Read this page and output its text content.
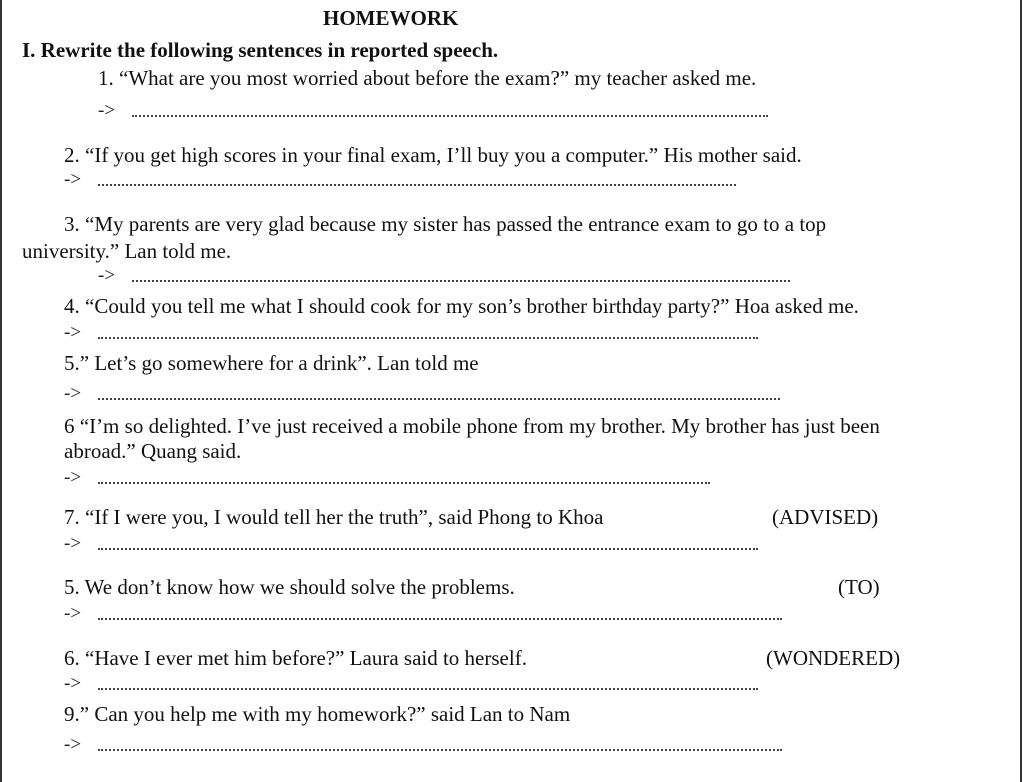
HOMEWORK
I. Rewrite the following sentences in reported speech.
1. “What are you most worried about before the exam?” my teacher asked me.
->
2. “If you get high scores in your final exam, I’ll buy you a computer.” His mother said.
->
3. “My parents are very glad because my sister has passed the entrance exam to go to a top
university.” Lan told me.
->
4. “Could you tell me what I should cook for my son’s brother birthday party?” Hoa asked me.
->
5.” Let’s go somewhere for a drink”. Lan told me
->
6 “I’m so delighted. I’ve just received a mobile phone from my brother. My brother has just been
abroad.” Quang said.
->
7. “If I were you, I would tell her the truth”, said Phong to Khoa	(ADVISED)
->
5. We don’t know how we should solve the problems.	(TO)
->
6. “Have I ever met him before?” Laura said to herself.	(WONDERED)
->
9.” Can you help me with my homework?” said Lan to Nam
->
